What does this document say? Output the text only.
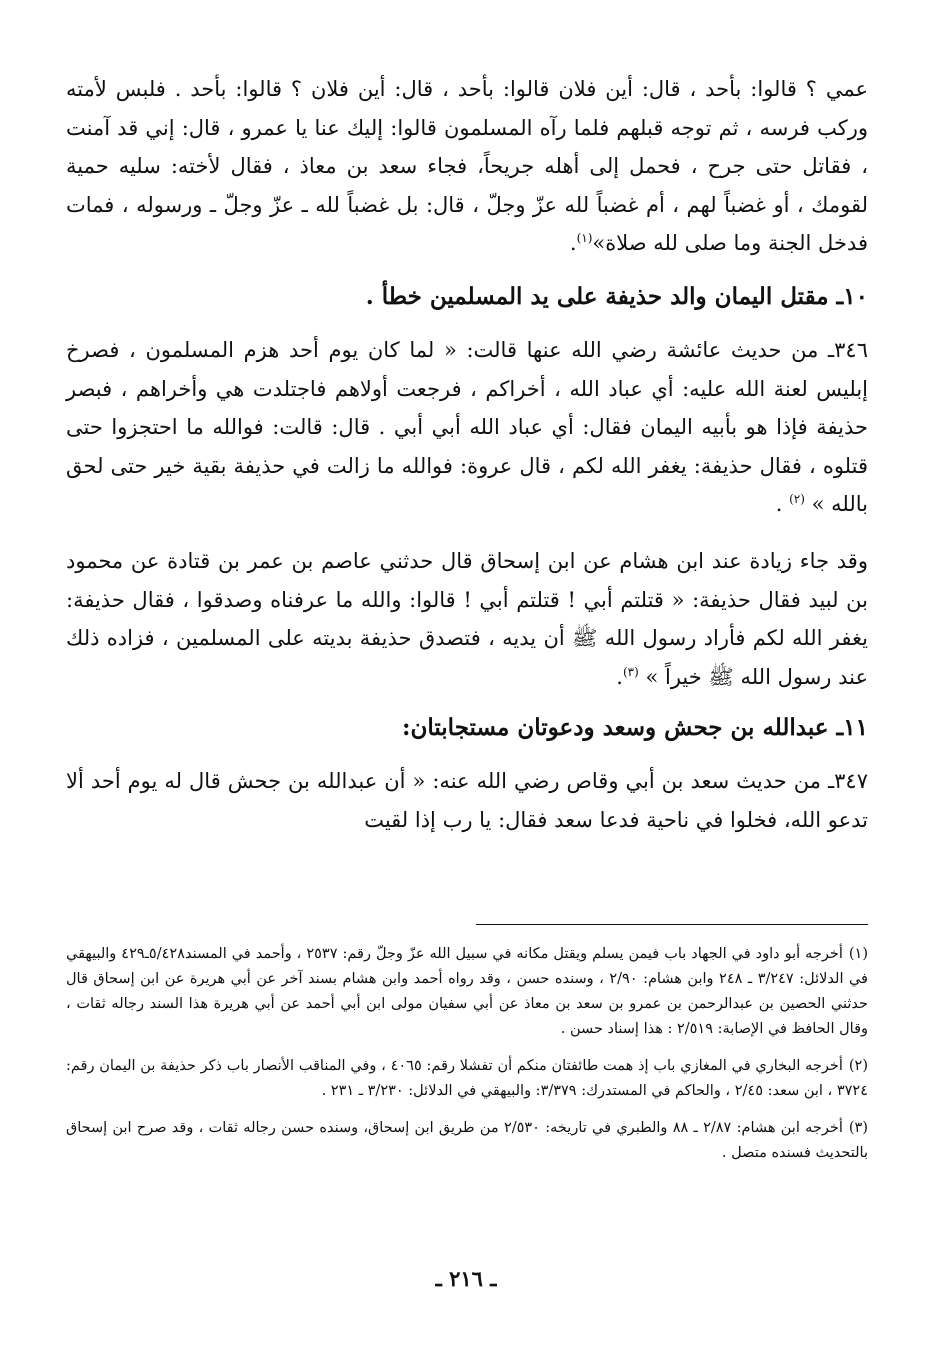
عمي ؟ قالوا: بأحد ، قال: أين فلان قالوا: بأحد ، قال: أين فلان ؟ قالوا: بأحد . فلبس لأمته وركب فرسه ، ثم توجه قبلهم فلما رآه المسلمون قالوا: إليك عنا يا عمرو ، قال: إني قد آمنت ، فقاتل حتى جرح ، فحمل إلى أهله جريحاً، فجاء سعد بن معاذ ، فقال لأخته: سليه حمية لقومك ، أو غضباً لهم ، أم غضباً لله عزّ وجلّ ، قال: بل غضباً لله ـ عزّ وجلّ ـ ورسوله ، فمات فدخل الجنة وما صلى لله صلاة»$^{(١)}$.

١٠ـ مقتل اليمان والد حذيفة على يد المسلمين خطأ .

٣٤٦ـ من حديث عائشة رضي الله عنها قالت: « لما كان يوم أحد هزم المسلمون ، فصرخ إبليس لعنة الله عليه: أي عباد الله ، أخراكم ، فرجعت أولاهم فاجتلدت هي وأخراهم ، فبصر حذيفة فإذا هو بأبيه اليمان فقال: أي عباد الله أبي أبي . قال: قالت: فوالله ما احتجزوا حتى قتلوه ، فقال حذيفة: يغفر الله لكم ، قال عروة: فوالله ما زالت في حذيفة بقية خير حتى لحق بالله » $^{(٢)}$ .

وقد جاء زيادة عند ابن هشام عن ابن إسحاق قال حدثني عاصم بن عمر بن قتادة عن محمود بن لبيد فقال حذيفة: « قتلتم أبي ! قتلتم أبي ! قالوا: والله ما عرفناه وصدقوا ، فقال حذيفة: يغفر الله لكم فأراد رسول الله ﷺ أن يديه ، فتصدق حذيفة بديته على المسلمين ، فزاده ذلك عند رسول الله ﷺ خيراً » $^{(٣)}$.

١١ـ عبدالله بن جحش وسعد ودعوتان مستجابتان:

٣٤٧ـ من حديث سعد بن أبي وقاص رضي الله عنه: « أن عبدالله بن جحش قال له يوم أحد ألا تدعو الله، فخلوا في ناحية فدعا سعد فقال: يا رب إذا لقيت

(١)أخرجه أبو داود في الجهاد باب فيمن يسلم ويقتل مكانه في سبيل الله عزّ وجلّ رقم: ٢٥٣٧ ، وأحمد في المسند٥/٤٢٨ـ٤٢٩ والبيهقي في الدلائل: ٣/٢٤٧ ـ ٢٤٨ وابن هشام: ٢/٩٠ ، وسنده حسن ، وقد رواه أحمد وابن هشام بسند آخر عن أبي هريرة عن ابن إسحاق قال حدثني الحصين بن عبدالرحمن بن عمرو بن سعد بن معاذ عن أبي سفيان مولى ابن أبي أحمد عن أبي هريرة هذا السند رجاله ثقات ، وقال الحافظ في الإصابة: ٢/٥١٩ : هذا إسناد حسن .

(٢)أخرجه البخاري في المغازي باب إذ همت طائفتان منكم أن تفشلا رقم: ٤٠٦٥ ، وفي المناقب الأنصار باب ذكر حذيفة بن اليمان رقم: ٣٧٢٤ ، ابن سعد: ٢/٤٥ ، والحاكم في المستدرك: ٣/٣٧٩: والبيهقي في الدلائل: ٣/٢٣٠ ـ ٢٣١ .

(٣)أخرجه ابن هشام: ٢/٨٧ ـ ٨٨ والطبري في تاريخه: ٢/٥٣٠ من طريق ابن إسحاق، وسنده حسن رجاله ثقات ، وقد صرح ابن إسحاق بالتحديث فسنده متصل .

ـ ٢١٦ ـ
